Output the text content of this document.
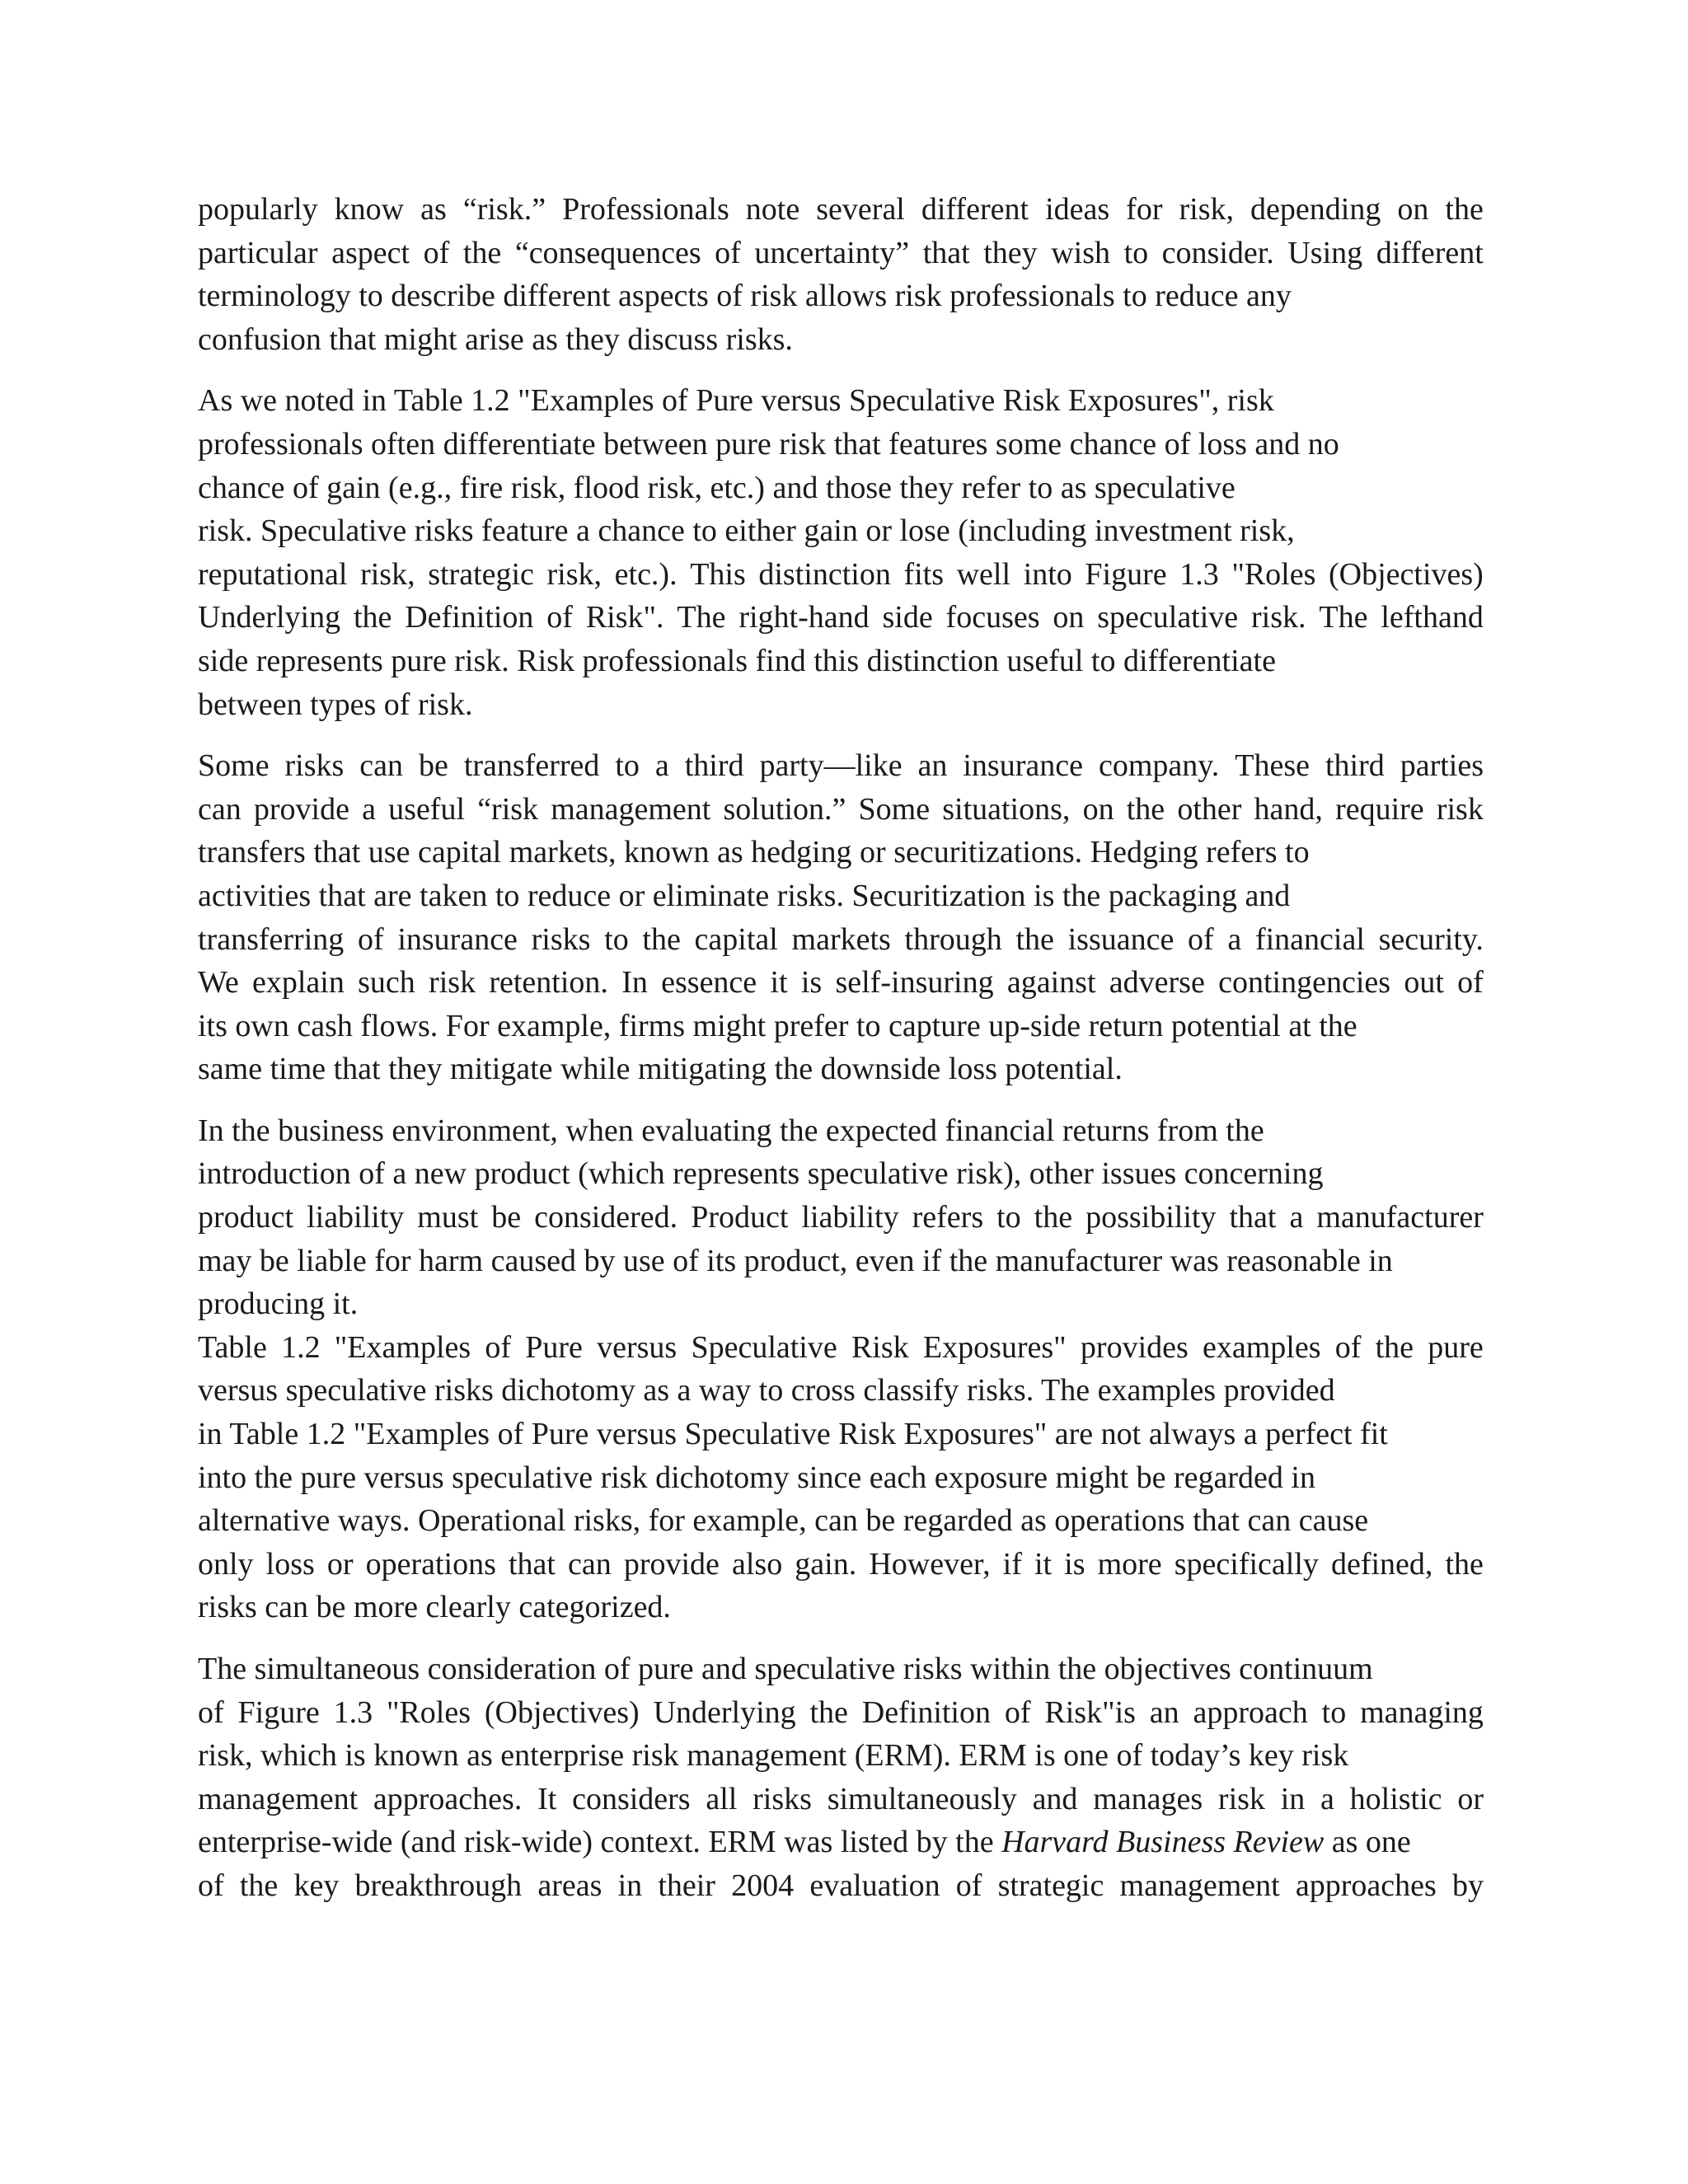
popularly know as “risk.” Professionals note several different ideas for risk, depending on the
particular aspect of the “consequences of uncertainty” that they wish to consider. Using different
terminology to describe different aspects of risk allows risk professionals to reduce any
confusion that might arise as they discuss risks.

As we noted in Table 1.2 "Examples of Pure versus Speculative Risk Exposures", risk
professionals often differentiate between pure risk that features some chance of loss and no
chance of gain (e.g., fire risk, flood risk, etc.) and those they refer to as speculative
risk. Speculative risks feature a chance to either gain or lose (including investment risk,
reputational risk, strategic risk, etc.). This distinction fits well into Figure 1.3 "Roles (Objectives)
Underlying the Definition of Risk". The right-hand side focuses on speculative risk. The lefthand
side represents pure risk. Risk professionals find this distinction useful to differentiate
between types of risk.

Some risks can be transferred to a third party—like an insurance company. These third parties
can provide a useful “risk management solution.” Some situations, on the other hand, require risk
transfers that use capital markets, known as hedging or securitizations. Hedging refers to
activities that are taken to reduce or eliminate risks. Securitization is the packaging and
transferring of insurance risks to the capital markets through the issuance of a financial security.
We explain such risk retention. In essence it is self-insuring against adverse contingencies out of
its own cash flows. For example, firms might prefer to capture up-side return potential at the
same time that they mitigate while mitigating the downside loss potential.

In the business environment, when evaluating the expected financial returns from the
introduction of a new product (which represents speculative risk), other issues concerning
product liability must be considered. Product liability refers to the possibility that a manufacturer
may be liable for harm caused by use of its product, even if the manufacturer was reasonable in
producing it.
Table 1.2 "Examples of Pure versus Speculative Risk Exposures" provides examples of the pure
versus speculative risks dichotomy as a way to cross classify risks. The examples provided
in Table 1.2 "Examples of Pure versus Speculative Risk Exposures" are not always a perfect fit
into the pure versus speculative risk dichotomy since each exposure might be regarded in
alternative ways. Operational risks, for example, can be regarded as operations that can cause
only loss or operations that can provide also gain. However, if it is more specifically defined, the
risks can be more clearly categorized.

The simultaneous consideration of pure and speculative risks within the objectives continuum
of Figure 1.3 "Roles (Objectives) Underlying the Definition of Risk"is an approach to managing
risk, which is known as enterprise risk management (ERM). ERM is one of today’s key risk
management approaches. It considers all risks simultaneously and manages risk in a holistic or
enterprise-wide (and risk-wide) context. ERM was listed by the Harvard Business Review as one
of the key breakthrough areas in their 2004 evaluation of strategic management approaches by
